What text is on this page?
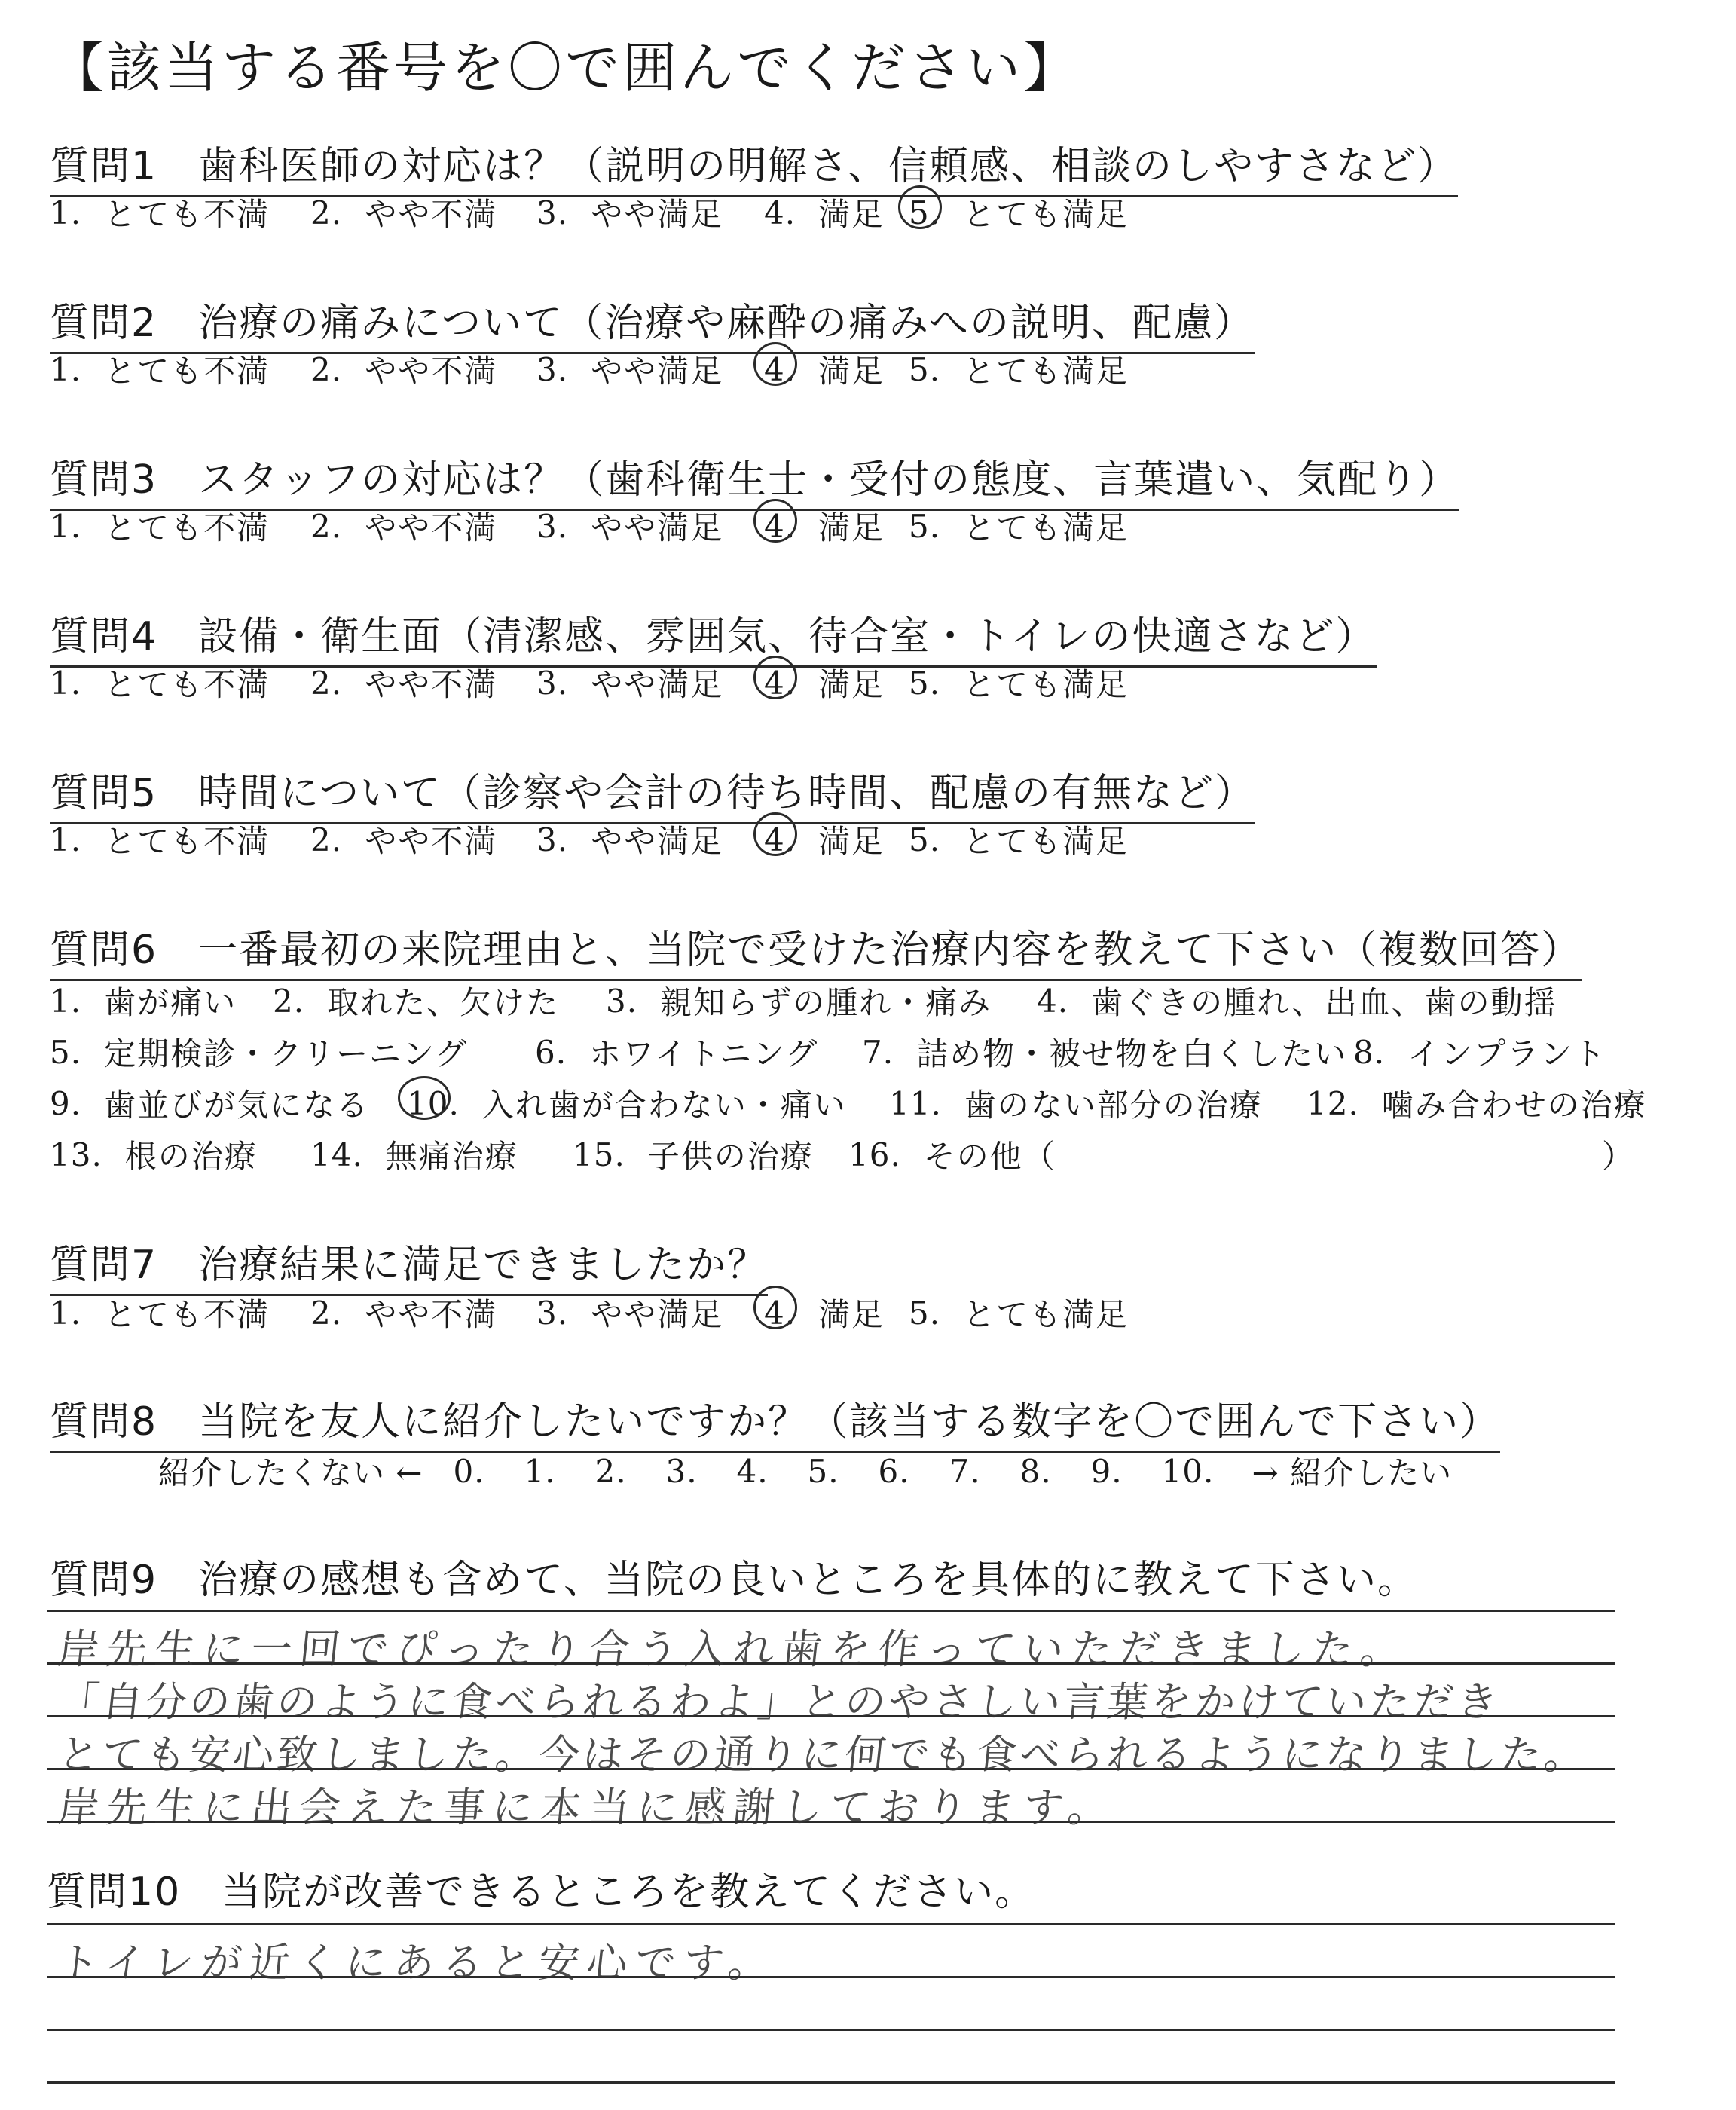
【該当する番号を〇で囲んでください】
質問1　歯科医師の対応は？（説明の明解さ、信頼感、相談のしやすさなど）
1. とても不満 2. やや不満 3. やや満足 4. 満足 5. とても満足
質問2　治療の痛みについて（治療や麻酔の痛みへの説明、配慮）
1. とても不満 2. やや不満 3. やや満足 4. 満足 5. とても満足
質問3　スタッフの対応は？（歯科衛生士・受付の態度、言葉遣い、気配り）
1. とても不満 2. やや不満 3. やや満足 4. 満足 5. とても満足
質問4　設備・衛生面（清潔感、雰囲気、待合室・トイレの快適さなど）
1. とても不満 2. やや不満 3. やや満足 4. 満足 5. とても満足
質問5　時間について（診察や会計の待ち時間、配慮の有無など）
1. とても不満 2. やや不満 3. やや満足 4. 満足 5. とても満足
質問6　一番最初の来院理由と、当院で受けた治療内容を教えて下さい（複数回答）
1. 歯が痛い 2. 取れた、欠けた 3. 親知らずの腫れ・痛み 4. 歯ぐきの腫れ、出血、歯の動揺
5. 定期検診・クリーニング 6. ホワイトニング 7. 詰め物・被せ物を白くしたい 8. インプラント
9. 歯並びが気になる 10. 入れ歯が合わない・痛い 11. 歯のない部分の治療 12. 噛み合わせの治療
13. 根の治療 14. 無痛治療 15. 子供の治療 16. その他（	）
質問7　治療結果に満足できましたか？
1. とても不満 2. やや不満 3. やや満足 4. 満足 5. とても満足
質問8　当院を友人に紹介したいですか？（該当する数字を〇で囲んで下さい）
紹介したくない ← 0.	1.	2.	3.	4.	5.	6.	7.	8.	9.	10.	→ 紹介したい
質問9　治療の感想も含めて、当院の良いところを具体的に教えて下さい。
岸先生に一回でぴったり合う入れ歯を作っていただきました。
「自分の歯のように食べられるわよ」とのやさしい言葉をかけていただき
とても安心致しました。今はその通りに何でも食べられるようになりました。
岸先生に出会えた事に本当に感謝しております。
質問10　当院が改善できるところを教えてください。
トイレが近くにあると安心です。
